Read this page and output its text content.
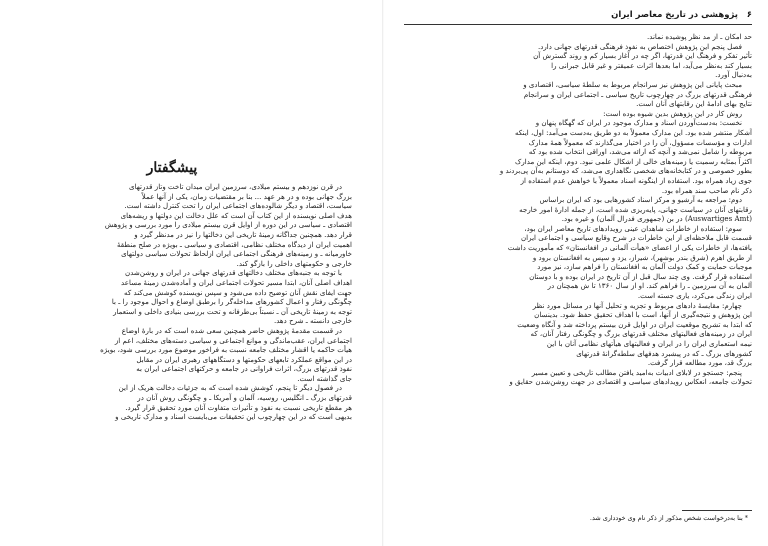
پیشگفتار
در قرن نوزدهم و بیستم میلادی، سرزمین ایران میدان تاخت وتاز قدرتهای
بزرگ جهانی بوده و در هر عهد ... بنا بر مقتضیات زمان، یکی از آنها عملاً
سیاست، اقتصاد و دیگر شالوده‌های اجتماعی ایران را تحت کنترل داشته است.
هدف اصلی نویسنده از این کتاب آن است که علل دخالت این دولتها و ریشه‌های
اقتصادی ـ سیاسی در این دوره از اوایل قرن بیستم میلادی را مورد بررسی و پژوهش
قرار دهد. همچنین جداگانه زمینهٔ تاریخی این دخالتها را نیز در مدنظر گیرد و
اهمیت ایران از دیدگاه مختلف نظامی، اقتصادی و سیاسی ـ بویژه در صلح منطقهٔ
خاورمیانه ـ و زمینه‌های فرهنگی اجتماعی ایران ازلحاظ تحولات سیاسی دولتهای
خارجی و حکومتهای داخلی را بازگو کند.
با توجه به جنبه‌های مختلف دخالتهای قدرتهای جهانی در ایران و روشن‌شدن
اهداف اصلی آنان، ابتدا مسیر تحولات اجتماعی ایران و آماده‌شدن زمینهٔ مساعد
جهت ایفای نقش آنان توضیح داده می‌شود و سپس نویسنده کوشش می‌کند که
چگونگی رفتار و اعمال کشورهای مداخله‌گر را برطبق اوضاع و احوال موجود را ـ با
توجه به زمینهٔ تاریخی آن ـ نسبتاً بی‌طرفانه و تحت بررسی بنیادی داخلی و استعمار
خارجی دانسته ـ شرح دهد.
در قسمت مقدمهٔ پژوهش حاضر همچنین سعی شده است که در بارهٔ اوضاع
اجتماعی ایران، عقب‌ماندگی و موانع اجتماعی و سیاسی دسته‌های مختلف، اعم از
هیأت حاکمه یا اقشار مختلف جامعه نسبت به فراخور موضوع مورد بررسی شود، بویژه
در این مواقع عملکرد تابعهای حکومتها و دستگاههای رهبری ایران در مقابل
نفوذ قدرتهای بزرگ، اثرات فراوانی در جامعه و حرکتهای اجتماعی ایران به
جای گذاشته است.
در فصول دیگر تا پنجم، کوشش شده است که به جزئیات دخالت هریک از این
قدرتهای بزرگ ـ انگلیس، روسیه، آلمان و آمریکا ـ و چگونگی روش آنان در
هر مقطع تاریخی نسبت به نفوذ و تأثیرات متفاوت آنان مورد تحقیق قرار گیرد.
بدیهی است که در این چهارچوب این تحقیقات می‌بایست اسناد و مدارک تاریخی و
۶
پژوهشی در تاریخ معاصر ایران
حد امکان ـ از مد نظر پوشیده نماند.
فصل پنجم این پژوهش اختصاص به نفوذ فرهنگی قدرتهای جهانی دارد.
تأثیر تفکر و فرهنگ این قدرتها، اگر چه در آغاز بسیار کم و روند گسترش آن
بسیار کند به‌نظر می‌آید، اما بعدها اثرات عمیقتر و غیر قابل جبرانی را
به‌دنبال آورد.
مبحث پایانی این پژوهش نیز سرانجام مربوط به سلطهٔ سیاسی، اقتصادی و
فرهنگی قدرتهای بزرگ در چهارچوب تاریخ سیاسی ـ اجتماعی ایران و سرانجام
نتایج بهای ادامهٔ این رقابتهای آنان است.
روش کار در این پژوهش بدین شیوه بوده است:
نخست: به‌دست‌آوردن اسناد و مدارک موجود در ایران که گهگاه پنهان و
آشکار منتشر شده بود. این مدارک معمولاً به دو طریق به‌دست می‌آمد: اول، اینکه
ادارات و مؤسسات مسؤول، آن را در اختیار می‌گذارند که معمولاً همهٔ مدارک
مربوطه را شامل نمی‌شد و آنچه که ارائه می‌شد، اوراقی انتخاب شده بود که
اکثراً بمثابه رسمیت یا زمینه‌های خالی از اشکال علمی نبود. دوم، اینکه این مدارک
بطور خصوصی و در کتابخانه‌های شخصی نگاهداری می‌شد، که دوستانم به‌آن پی‌بردند و
جوی زیاد همراه بود. استفاده از اینگونه اسناد معمولاً با خواهش عدم استفاده از
ذکر نام صاحب سند همراه بود.
دوم: مراجعه به آرشیو و مرکز اسناد کشورهایی بود که ایران براساس
رقابتهای آنان در سیاست جهانی، پایه‌ریزی شده است، از جمله ادارهٔ امور خارجه
(Auswartiges Amt) در بن (جمهوری فدرال آلمان) و غیره بود.
سوم: استفاده از خاطرات شاهدان عینی رویدادهای تاریخ معاصر ایران بود،
قسمت قابل ملاحظه‌ای از این خاطرات در شرح وقایع سیاسی و اجتماعی ایران
یافته‌ها، از خاطرات یکی از اعضای «هیأت آلمانی در افغانستان» که مأموریت داشت
از طریق اهرم (شرق بندر بوشهر)، شیراز، یزد و سپس به افغانستان برود و
موجبات حمایت و کمک دولت آلمان به افغانستان را فراهم سازد، نیز مورد
استفاده قرار گرفت. وی چند سال قبل از آن تاریخ در ایران بوده و با دوستان
آلمان به آن سرزمین ـ را فراهم کند. او از سال ۱۳۶۰ تا ش همچنان در
ایران زندگی می‌کرد، یاری جسته است.
چهارم: مقایسهٔ دادهای مربوط و تجزیه و تحلیل آنها در مسائل مورد نظر
این پژوهش و نتیجه‌گیری از آنها، است با اهداف تحقیق حفظ شود. بدینسان
که ابتدا به تشریح موقعیت ایران در اوایل قرن بیستم پرداخته شد و آنگاه وضعیت
ایران در زمینه‌های فعالیتهای مختلف قدرتهای بزرگ و چگونگی رفتار آنان، که
نیمه استعماری ایران را در ایران و فعالیتهای هیأتهای نظامی آنان با این
کشورهای بزرگ ـ که در پیشبرد هدفهای سلطه‌گرانهٔ قدرتهای
بزرگ قد، مورد مطالعه قرار گرفت.
پنجم: جستجو در لابلای ادبیات به‌امید یافتن مطالب تاریخی و تعیین مسیر
تحولات جامعه، انعکاس رویدادهای سیاسی و اقتصادی در جهت روشن‌شدن حقایق و
* بنا به‌درخواست شخص مذکور از ذکر نام وی خودداری شد.
